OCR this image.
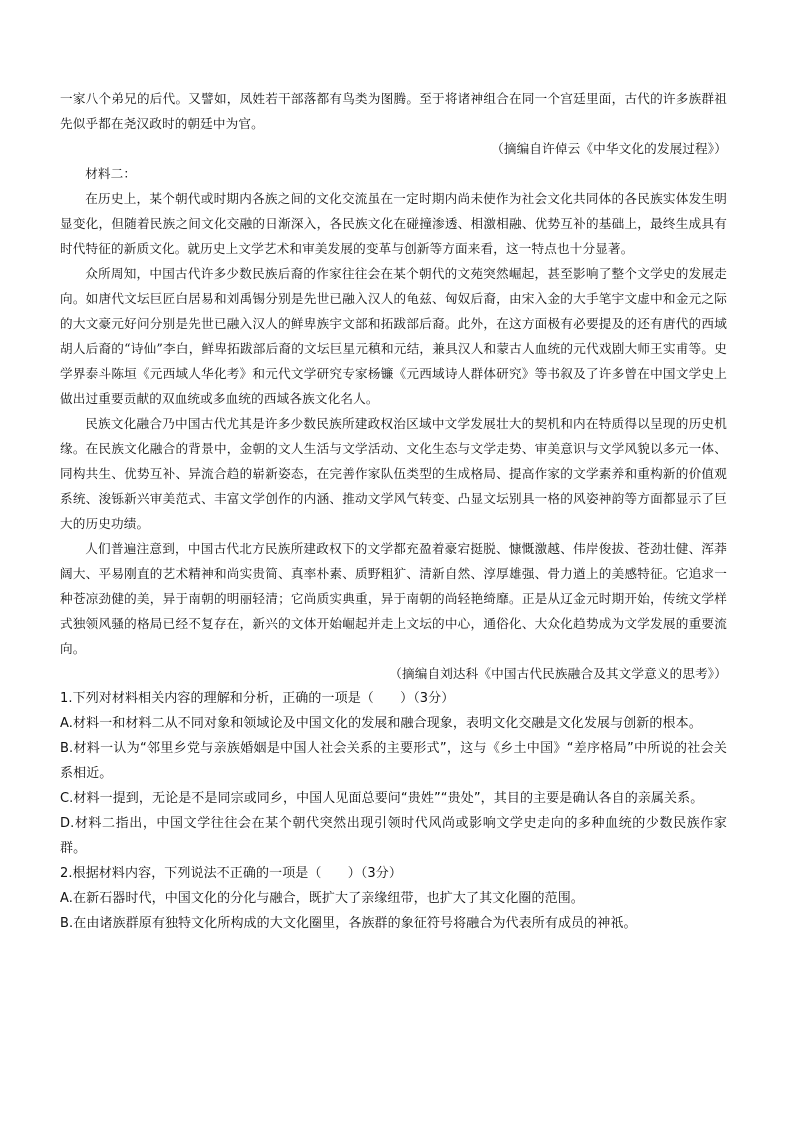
一家八个弟兄的后代。又譬如，凤姓若干部落都有鸟类为图腾。至于将诸神组合在同一个宫廷里面，古代的许多族群祖先似乎都在尧汉政时的朝廷中为官。

（摘编自许倬云《中华文化的发展过程》）

材料二：

在历史上，某个朝代或时期内各族之间的文化交流虽在一定时期内尚未使作为社会文化共同体的各民族实体发生明显变化，但随着民族之间文化交融的日渐深入，各民族文化在碰撞渗透、相激相融、优势互补的基础上，最终生成具有时代特征的新质文化。就历史上文学艺术和审美发展的变革与创新等方面来看，这一特点也十分显著。

众所周知，中国古代许多少数民族后裔的作家往往会在某个朝代的文苑突然崛起，甚至影响了整个文学史的发展走向。如唐代文坛巨匠白居易和刘禹锡分别是先世已融入汉人的龟兹、匈奴后裔，由宋入金的大手笔宇文虚中和金元之际的大文豪元好问分别是先世已融入汉人的鲜卑族宇文部和拓跋部后裔。此外，在这方面极有必要提及的还有唐代的西域胡人后裔的“诗仙”李白，鲜卑拓跋部后裔的文坛巨星元稹和元结，兼具汉人和蒙古人血统的元代戏剧大师王实甫等。史学界泰斗陈垣《元西域人华化考》和元代文学研究专家杨镰《元西域诗人群体研究》等书叙及了许多曾在中国文学史上做出过重要贡献的双血统或多血统的西域各族文化名人。

民族文化融合乃中国古代尤其是许多少数民族所建政权治区域中文学发展壮大的契机和内在特质得以呈现的历史机缘。在民族文化融合的背景中，金朝的文人生活与文学活动、文化生态与文学走势、审美意识与文学风貌以多元一体、同构共生、优势互补、异流合趋的崭新姿态，在完善作家队伍类型的生成格局、提高作家的文学素养和重构新的价值观系统、浚铄新兴审美范式、丰富文学创作的内涵、推动文学风气转变、凸显文坛别具一格的风姿神韵等方面都显示了巨大的历史功绩。

人们普遍注意到，中国古代北方民族所建政权下的文学都充盈着豪宕挺脱、慷慨激越、伟岸俊拔、苍劲壮健、浑莽阔大、平易刚直的艺术精神和尚实贵简、真率朴素、质野粗犷、清新自然、淳厚雄强、骨力遒上的美感特征。它追求一种苍凉劲健的美，异于南朝的明丽轻清；它尚质实典重，异于南朝的尚轻艳绮靡。正是从辽金元时期开始，传统文学样式独领风骚的格局已经不复存在，新兴的文体开始崛起并走上文坛的中心，通俗化、大众化趋势成为文学发展的重要流向。

（摘编自刘达科《中国古代民族融合及其文学意义的思考》）

1.下列对材料相关内容的理解和分析，正确的一项是（　　）（3分）

A.材料一和材料二从不同对象和领域论及中国文化的发展和融合现象，表明文化交融是文化发展与创新的根本。

B.材料一认为“邻里乡党与亲族婚姻是中国人社会关系的主要形式”，这与《乡土中国》“差序格局”中所说的社会关系相近。

C.材料一提到，无论是不是同宗或同乡，中国人见面总要问“贵姓”“贵处”，其目的主要是确认各自的亲属关系。

D.材料二指出，中国文学往往会在某个朝代突然出现引领时代风尚或影响文学史走向的多种血统的少数民族作家群。

2.根据材料内容，下列说法不正确的一项是（　　）（3分）

A.在新石器时代，中国文化的分化与融合，既扩大了亲缘纽带，也扩大了其文化圈的范围。

B.在由诸族群原有独特文化所构成的大文化圈里，各族群的象征符号将融合为代表所有成员的神祇。
